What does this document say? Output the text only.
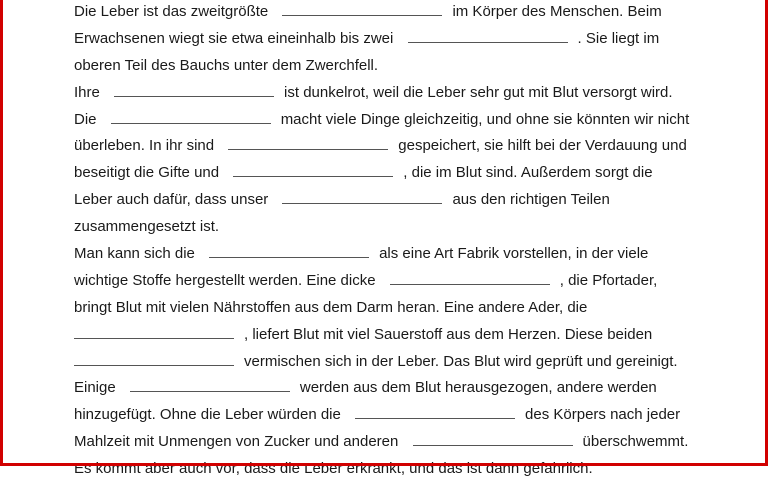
Die Leber ist das zweitgrößte	im Körper des Menschen. Beim
Erwachsenen wiegt sie etwa eineinhalb bis zwei	. Sie liegt im
oberen Teil des Bauchs unter dem Zwerchfell.
Ihre	ist dunkelrot, weil die Leber sehr gut mit Blut versorgt wird.
Die	macht viele Dinge gleichzeitig, und ohne sie könnten wir nicht
überleben. In ihr sind	gespeichert, sie hilft bei der Verdauung und
beseitigt die Gifte und	, die im Blut sind. Außerdem sorgt die
Leber auch dafür, dass unser	aus den richtigen Teilen
zusammengesetzt ist.
Man kann sich die	als eine Art Fabrik vorstellen, in der viele
wichtige Stoffe hergestellt werden. Eine dicke	, die Pfortader,
bringt Blut mit vielen Nährstoffen aus dem Darm heran. Eine andere Ader, die
, liefert Blut mit viel Sauerstoff aus dem Herzen. Diese beiden
vermischen sich in der Leber. Das Blut wird geprüft und gereinigt.
Einige	werden aus dem Blut herausgezogen, andere werden
hinzugefügt. Ohne die Leber würden die	des Körpers nach jeder
Mahlzeit mit Unmengen von Zucker und anderen	überschwemmt.
Es kommt aber auch vor, dass die Leber erkrankt, und das ist dann gefährlich.
